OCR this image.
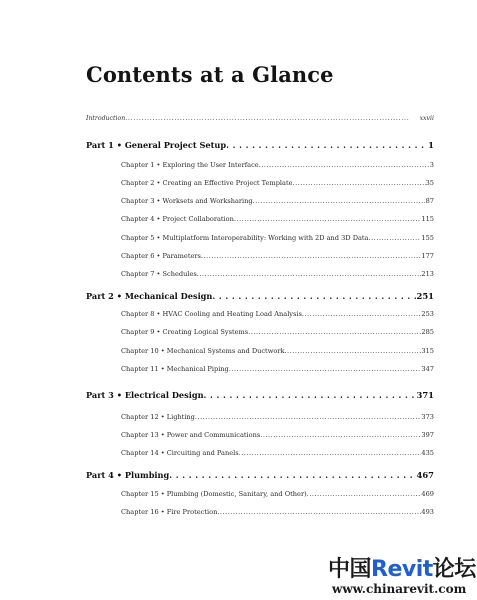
Contents at a Glance
Introduction . . .	xxvii
Part 1 • General Project Setup . . .	1
Chapter 1 • Exploring the User Interface . . .	3
Chapter 2 • Creating an Effective Project Template . . .	35
Chapter 3 • Worksets and Worksharing . . .	87
Chapter 4 • Project Collaboration . . .	115
Chapter 5 • Multiplatform Interoperability: Working with 2D and 3D Data . . .	155
Chapter 6 • Parameters . . .	177
Chapter 7 • Schedules . . .	213
Part 2 • Mechanical Design . . .	251
Chapter 8 • HVAC Cooling and Heating Load Analysis . . .	253
Chapter 9 • Creating Logical Systems . . .	285
Chapter 10 • Mechanical Systems and Ductwork . . .	315
Chapter 11 • Mechanical Piping . . .	347
Part 3 • Electrical Design . . .	371
Chapter 12 • Lighting . . .	373
Chapter 13 • Power and Communications . . .	397
Chapter 14 • Circuiting and Panels . . .	435
Part 4 • Plumbing . . .	467
Chapter 15 • Plumbing (Domestic, Sanitary, and Other) . . .	469
Chapter 16 • Fire Protection . . .	493
中国Revit论坛
www.chinarevit.com
